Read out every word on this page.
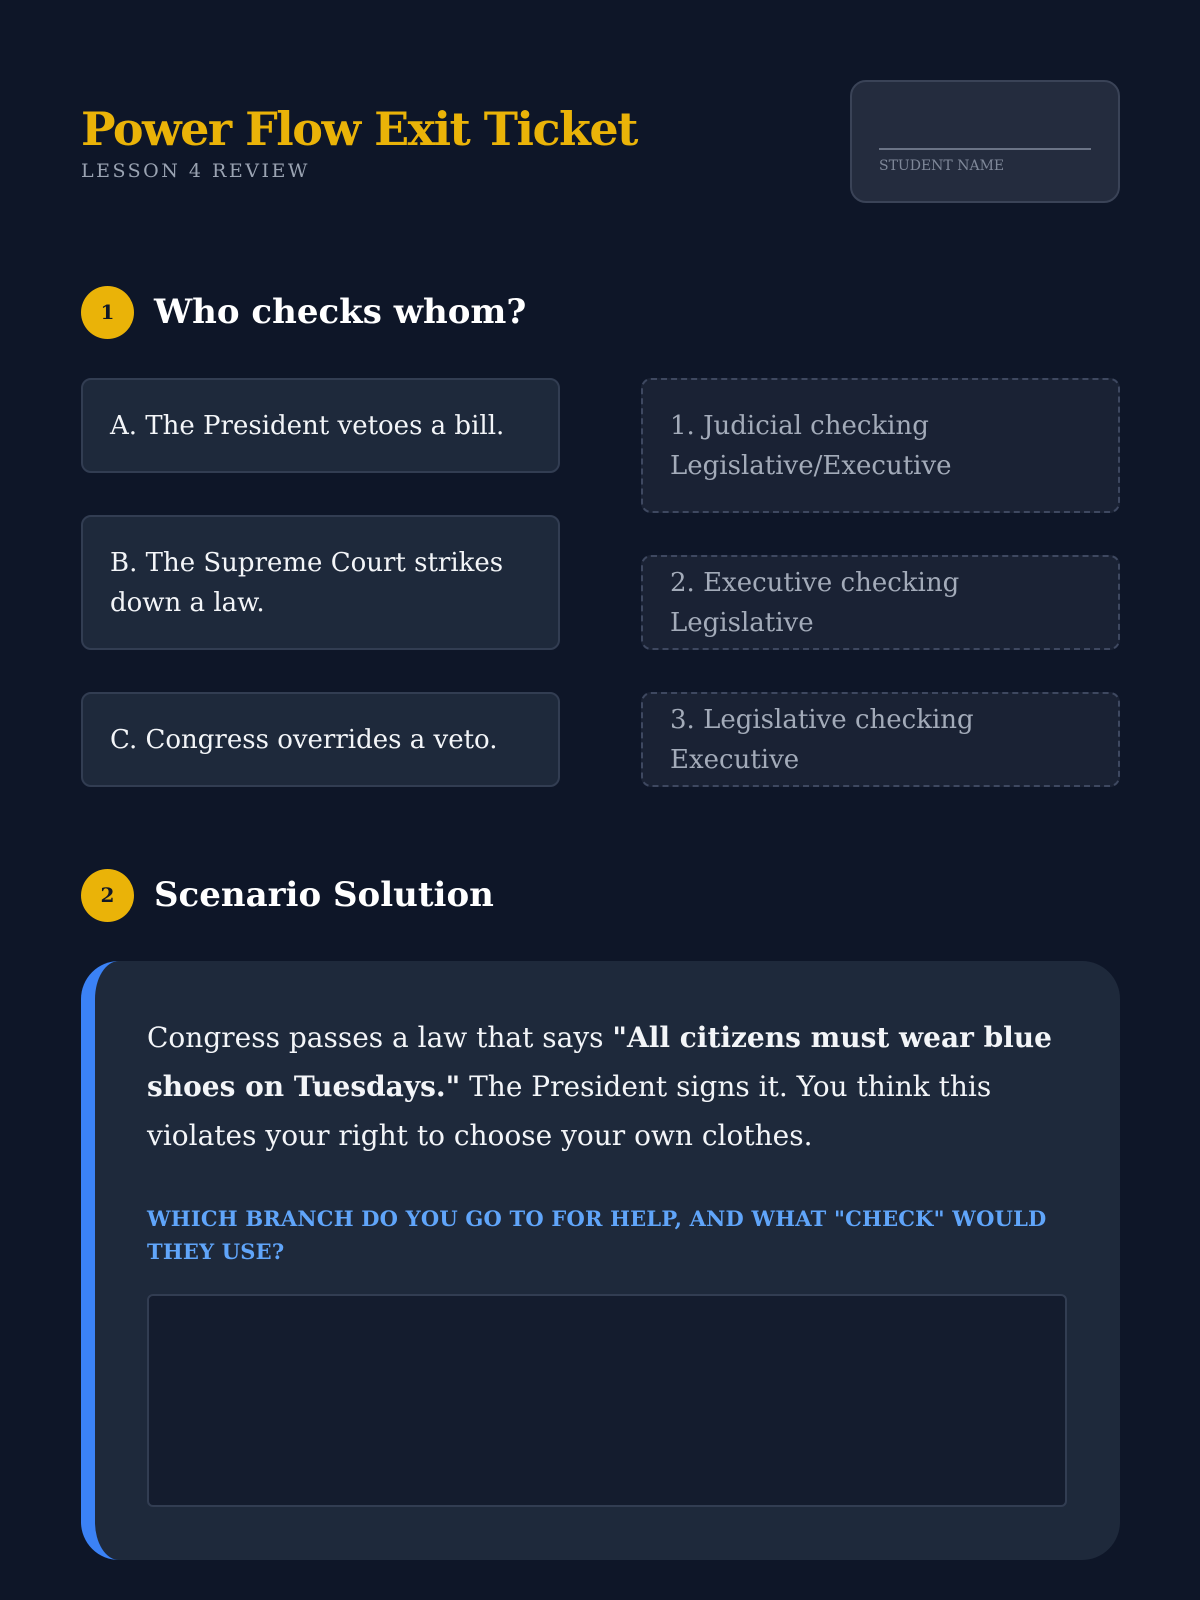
Power Flow Exit Ticket
LESSON 4 REVIEW	STUDENT NAME
1	Who checks whom?
A. The President vetoes a bill.
B. The Supreme Court strikes down a law.
C. Congress overrides a veto.
1. Judicial checking Legislative/Executive
2. Executive checking Legislative
3. Legislative checking Executive
2	Scenario Solution

Congress passes a law that says "All citizens must wear blue shoes on Tuesdays." The President signs it. You think this violates your right to choose your own clothes.

WHICH BRANCH DO YOU GO TO FOR HELP, AND WHAT "CHECK" WOULD THEY USE?
